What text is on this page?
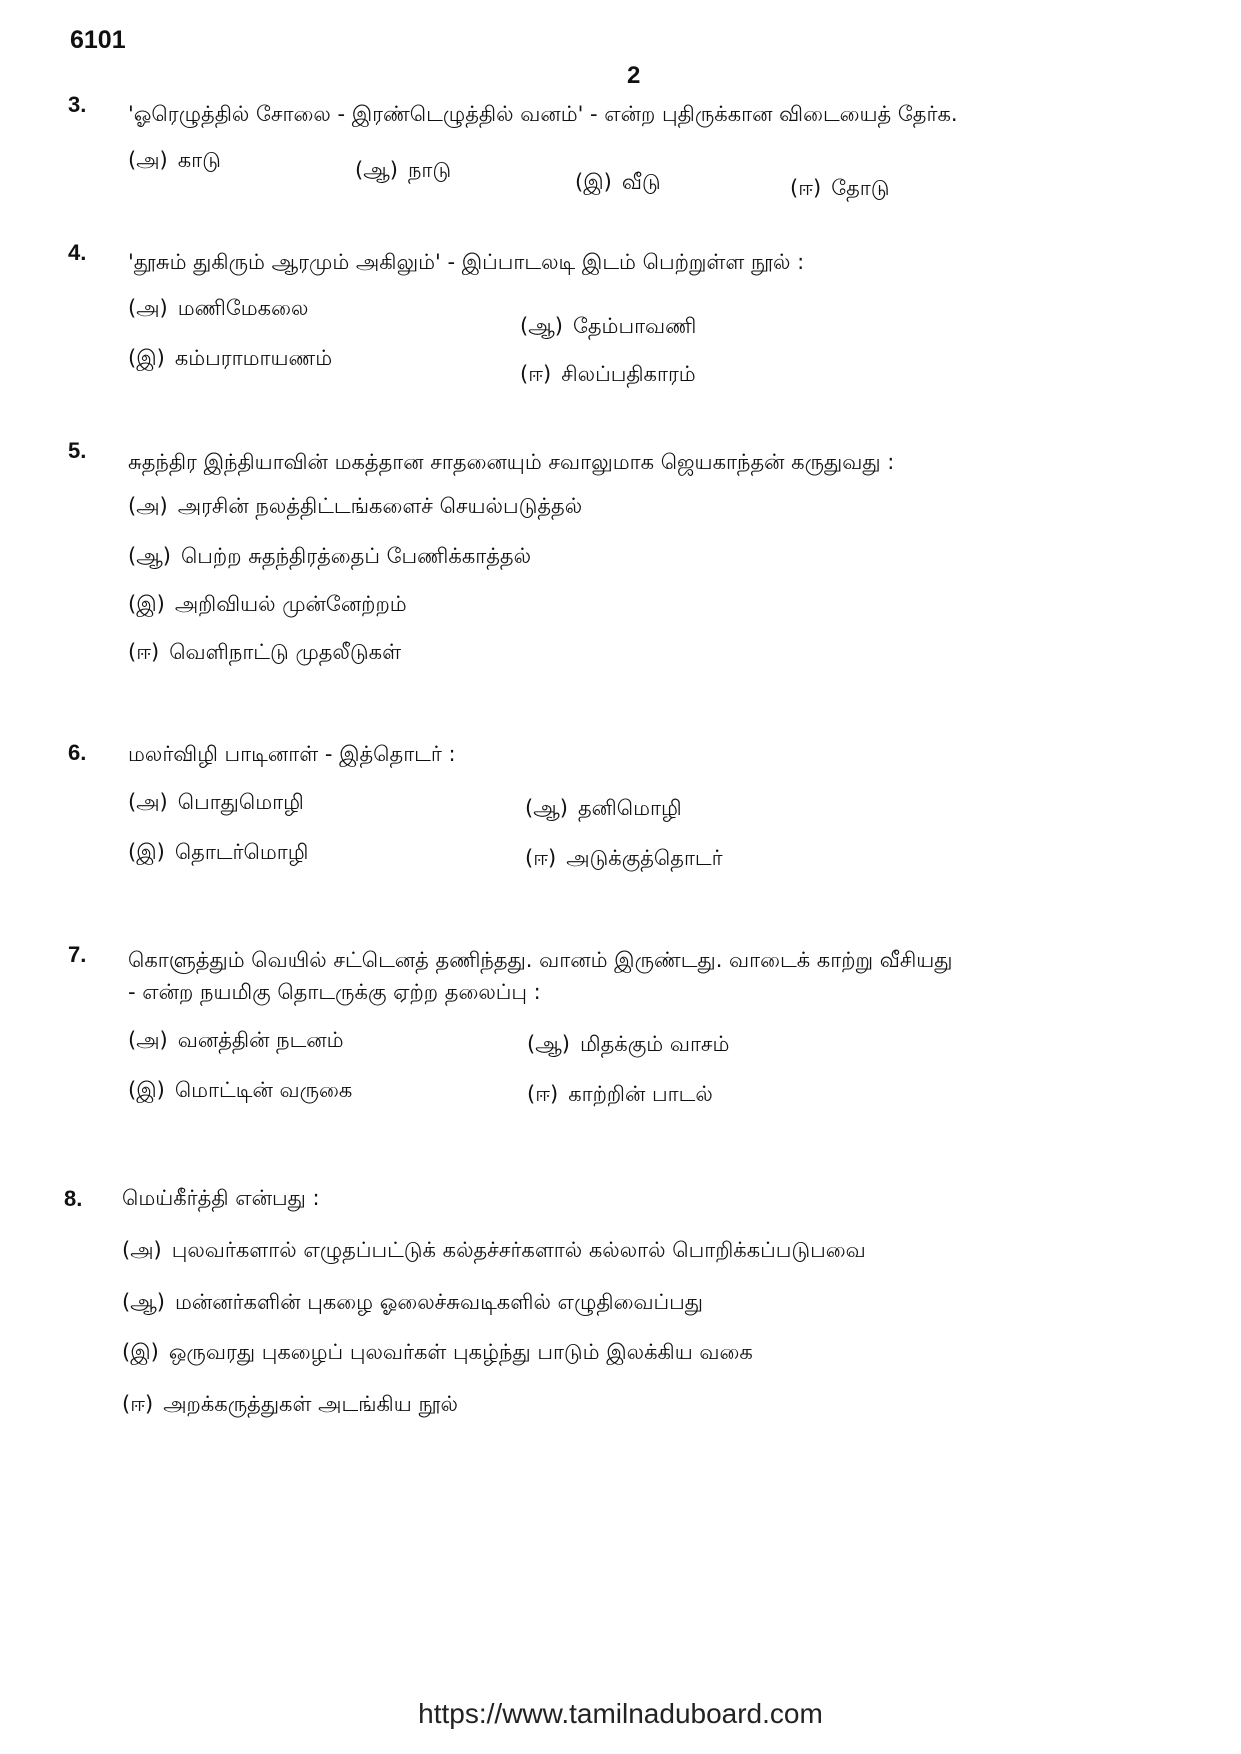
6101
2
3. 'ஓரெழுத்தில் சோலை - இரண்டெழுத்தில் வனம்' - என்ற புதிருக்கான விடையைத் தேர்க.
(அ) காடு	(ஆ) நாடு	(இ) வீடு	(ஈ) தோடு
4. 'தூசும் துகிரும் ஆரமும் அகிலும்' - இப்பாடலடி இடம் பெற்றுள்ள நூல் :
(அ) மணிமேகலை
(ஆ) தேம்பாவணி
(இ) கம்பராமாயணம்
(ஈ) சிலப்பதிகாரம்
5. சுதந்திர இந்தியாவின் மகத்தான சாதனையும் சவாலுமாக ஜெயகாந்தன் கருதுவது :
(அ) அரசின் நலத்திட்டங்களைச் செயல்படுத்தல்
(ஆ) பெற்ற சுதந்திரத்தைப் பேணிக்காத்தல்
(இ) அறிவியல் முன்னேற்றம்
(ஈ) வெளிநாட்டு முதலீடுகள்
6. மலர்விழி பாடினாள் - இத்தொடர் :
(அ) பொதுமொழி	(ஆ) தனிமொழி
(இ) தொடர்மொழி	(ஈ) அடுக்குத்தொடர்
7. கொளுத்தும் வெயில் சட்டெனத் தணிந்தது. வானம் இருண்டது. வாடைக் காற்று வீசியது
- என்ற நயமிகு தொடருக்கு ஏற்ற தலைப்பு :
(அ) வனத்தின் நடனம்	(ஆ) மிதக்கும் வாசம்
(இ) மொட்டின் வருகை	(ஈ) காற்றின் பாடல்
8. மெய்கீர்த்தி என்பது :
(அ) புலவர்களால் எழுதப்பட்டுக் கல்தச்சர்களால் கல்லால் பொறிக்கப்படுபவை
(ஆ) மன்னர்களின் புகழை ஓலைச்சுவடிகளில் எழுதிவைப்பது
(இ) ஒருவரது புகழைப் புலவர்கள் புகழ்ந்து பாடும் இலக்கிய வகை
(ஈ) அறக்கருத்துகள் அடங்கிய நூல்
https://www.tamilnaduboard.com
